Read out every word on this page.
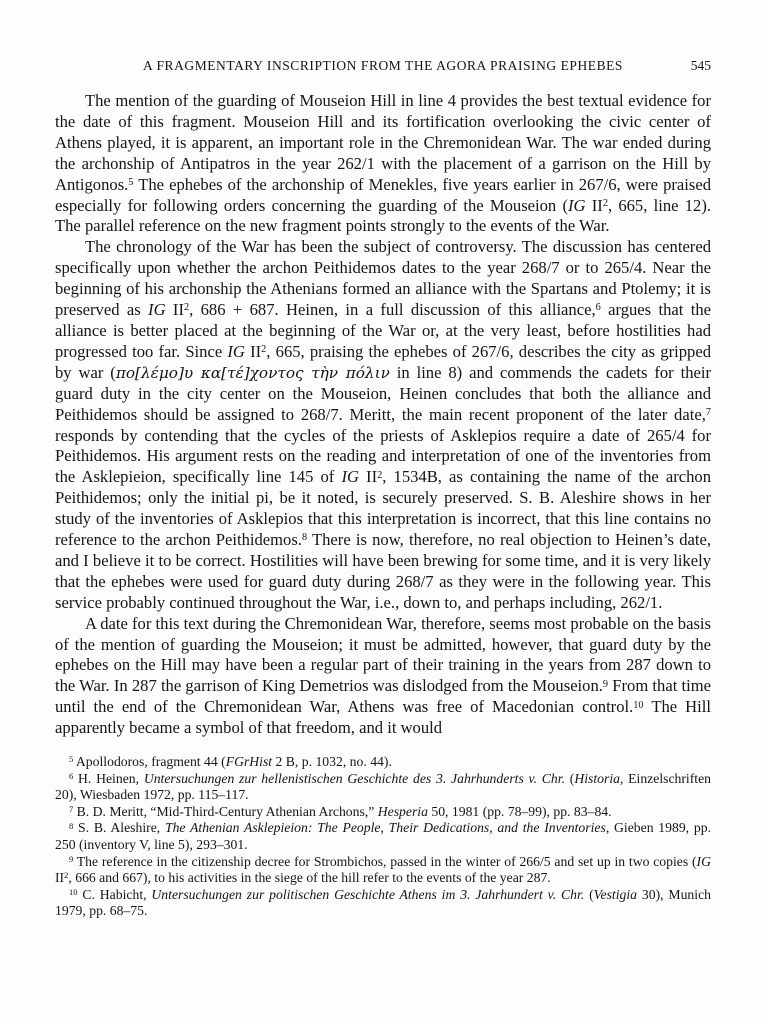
A FRAGMENTARY INSCRIPTION FROM THE AGORA PRAISING EPHEBES	545

The mention of the guarding of Mouseion Hill in line 4 provides the best textual evidence for the date of this fragment. Mouseion Hill and its fortification overlooking the civic center of Athens played, it is apparent, an important role in the Chremonidean War. The war ended during the archonship of Antipatros in the year 262/1 with the placement of a garrison on the Hill by Antigonos.$^5$ The ephebes of the archonship of Menekles, five years earlier in 267/6, were praised especially for following orders concerning the guarding of the Mouseion (IG $II^2$, 665, line 12). The parallel reference on the new fragment points strongly to the events of the War.

The chronology of the War has been the subject of controversy. The discussion has centered specifically upon whether the archon Peithidemos dates to the year 268/7 or to 265/4. Near the beginning of his archonship the Athenians formed an alliance with the Spartans and Ptolemy; it is preserved as IG $II^2$, 686 + 687. Heinen, in a full discussion of this alliance,$^6$ argues that the alliance is better placed at the beginning of the War or, at the very least, before hostilities had progressed too far. Since IG $II^2$, 665, praising the ephebes of 267/6, describes the city as gripped by war (πο[λέμο]υ κα[τέ]χοντος τὴν πόλιν in line 8) and commends the cadets for their guard duty in the city center on the Mouseion, Heinen concludes that both the alliance and Peithidemos should be assigned to 268/7. Meritt, the main recent proponent of the later date,$^7$ responds by contending that the cycles of the priests of Asklepios require a date of 265/4 for Peithidemos. His argument rests on the reading and interpretation of one of the inventories from the Asklepieion, specifically line 145 of IG $II^2$, 1534B, as containing the name of the archon Peithidemos; only the initial pi, be it noted, is securely preserved. S. B. Aleshire shows in her study of the inventories of Asklepios that this interpretation is incorrect, that this line contains no reference to the archon Peithidemos.$^8$ There is now, therefore, no real objection to Heinen’s date, and I believe it to be correct. Hostilities will have been brewing for some time, and it is very likely that the ephebes were used for guard duty during 268/7 as they were in the following year. This service probably continued throughout the War, i.e., down to, and perhaps including, 262/1.

A date for this text during the Chremonidean War, therefore, seems most probable on the basis of the mention of guarding the Mouseion; it must be admitted, however, that guard duty by the ephebes on the Hill may have been a regular part of their training in the years from 287 down to the War. In 287 the garrison of King Demetrios was dislodged from the Mouseion.$^9$ From that time until the end of the Chremonidean War, Athens was free of Macedonian control.$^{10}$ The Hill apparently became a symbol of that freedom, and it would

$^5$ Apollodoros, fragment 44 (FGrHist 2 B, p. 1032, no. 44).

$^6$ H. Heinen, Untersuchungen zur hellenistischen Geschichte des 3. Jahrhunderts v. Chr. (Historia, Einzelschriften 20), Wiesbaden 1972, pp. 115–117.

$^7$ B. D. Meritt, “Mid-Third-Century Athenian Archons,” Hesperia 50, 1981 (pp. 78–99), pp. 83–84.

$^8$ S. B. Aleshire, The Athenian Asklepieion: The People, Their Dedications, and the Inventories, Gieben 1989, pp. 250 (inventory V, line 5), 293–301.

$^9$ The reference in the citizenship decree for Strombichos, passed in the winter of 266/5 and set up in two copies (IG $II^2$, 666 and 667), to his activities in the siege of the hill refer to the events of the year 287.

$^{10}$ C. Habicht, Untersuchungen zur politischen Geschichte Athens im 3. Jahrhundert v. Chr. (Vestigia 30), Munich 1979, pp. 68–75.
